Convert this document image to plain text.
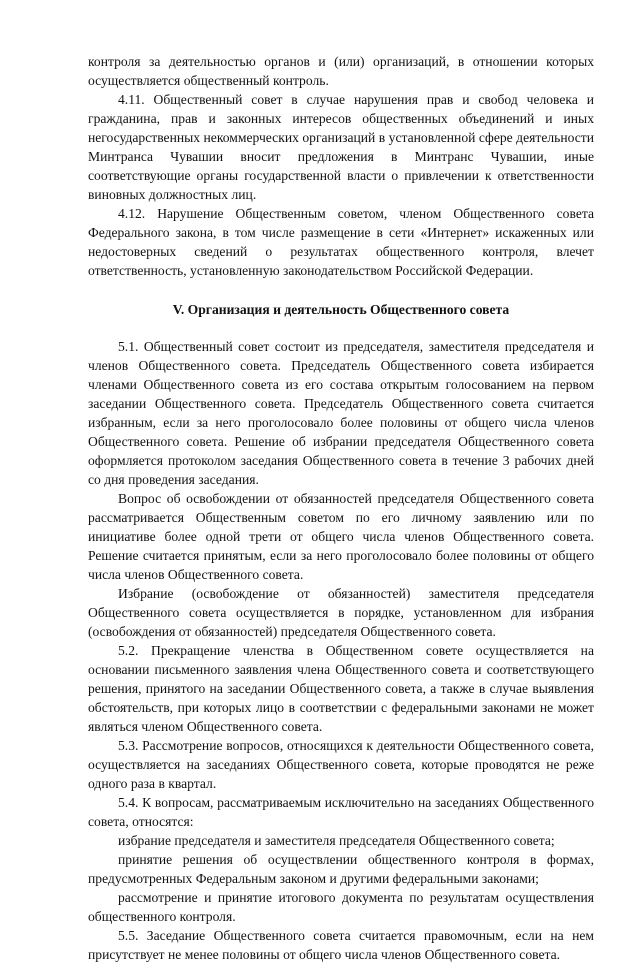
контроля за деятельностью органов и (или) организаций, в отношении которых осуществляется общественный контроль.

4.11. Общественный совет в случае нарушения прав и свобод человека и гражданина, прав и законных интересов общественных объединений и иных негосударственных некоммерческих организаций в установленной сфере деятельности Минтранса Чувашии вносит предложения в Минтранс Чувашии, иные соответствующие органы государственной власти о привлечении к ответственности виновных должностных лиц.

4.12. Нарушение Общественным советом, членом Общественного совета Федерального закона, в том числе размещение в сети «Интернет» искаженных или недостоверных сведений о результатах общественного контроля, влечет ответственность, установленную законодательством Российской Федерации.

V. Организация и деятельность Общественного совета

5.1. Общественный совет состоит из председателя, заместителя председателя и членов Общественного совета. Председатель Общественного совета избирается членами Общественного совета из его состава открытым голосованием на первом заседании Общественного совета. Председатель Общественного совета считается избранным, если за него проголосовало более половины от общего числа членов Общественного совета. Решение об избрании председателя Общественного совета оформляется протоколом заседания Общественного совета в течение 3 рабочих дней со дня проведения заседания.

Вопрос об освобождении от обязанностей председателя Общественного совета рассматривается Общественным советом по его личному заявлению или по инициативе более одной трети от общего числа членов Общественного совета. Решение считается принятым, если за него проголосовало более половины от общего числа членов Общественного совета.

Избрание (освобождение от обязанностей) заместителя председателя Общественного совета осуществляется в порядке, установленном для избрания (освобождения от обязанностей) председателя Общественного совета.

5.2. Прекращение членства в Общественном совете осуществляется на основании письменного заявления члена Общественного совета и соответствующего решения, принятого на заседании Общественного совета, а также в случае выявления обстоятельств, при которых лицо в соответствии с федеральными законами не может являться членом Общественного совета.

5.3. Рассмотрение вопросов, относящихся к деятельности Общественного совета, осуществляется на заседаниях Общественного совета, которые проводятся не реже одного раза в квартал.

5.4. К вопросам, рассматриваемым исключительно на заседаниях Общественного совета, относятся:

избрание председателя и заместителя председателя Общественного совета;

принятие решения об осуществлении общественного контроля в формах, предусмотренных Федеральным законом и другими федеральными законами;

рассмотрение и принятие итогового документа по результатам осуществления общественного контроля.

5.5. Заседание Общественного совета считается правомочным, если на нем присутствует не менее половины от общего числа членов Общественного совета.
